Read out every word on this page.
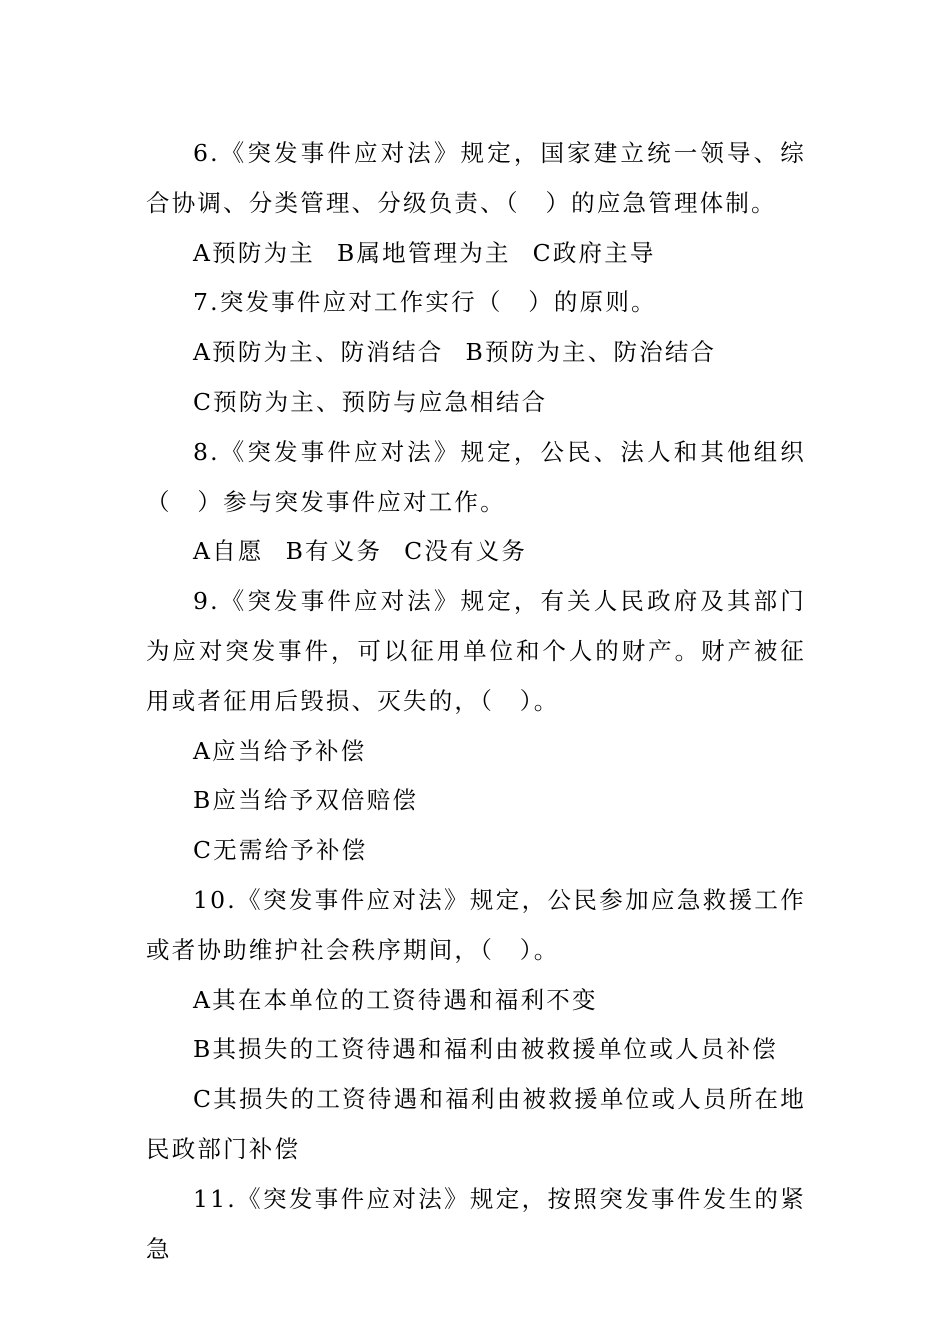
6.《突发事件应对法》规定，国家建立统一领导、综合协调、分类管理、分级负责、（　）的应急管理体制。

A预防为主 B属地管理为主 C政府主导

7.突发事件应对工作实行（　）的原则。

A预防为主、防消结合 B预防为主、防治结合

C预防为主、预防与应急相结合

8.《突发事件应对法》规定，公民、法人和其他组织（　）参与突发事件应对工作。

A自愿 B有义务 C没有义务

9.《突发事件应对法》规定，有关人民政府及其部门为应对突发事件，可以征用单位和个人的财产。财产被征用或者征用后毁损、灭失的，（　）。

A应当给予补偿

B应当给予双倍赔偿

C无需给予补偿

10.《突发事件应对法》规定，公民参加应急救援工作或者协助维护社会秩序期间，（　）。

A其在本单位的工资待遇和福利不变

B其损失的工资待遇和福利由被救援单位或人员补偿

C其损失的工资待遇和福利由被救援单位或人员所在地民政部门补偿

11.《突发事件应对法》规定，按照突发事件发生的紧急
